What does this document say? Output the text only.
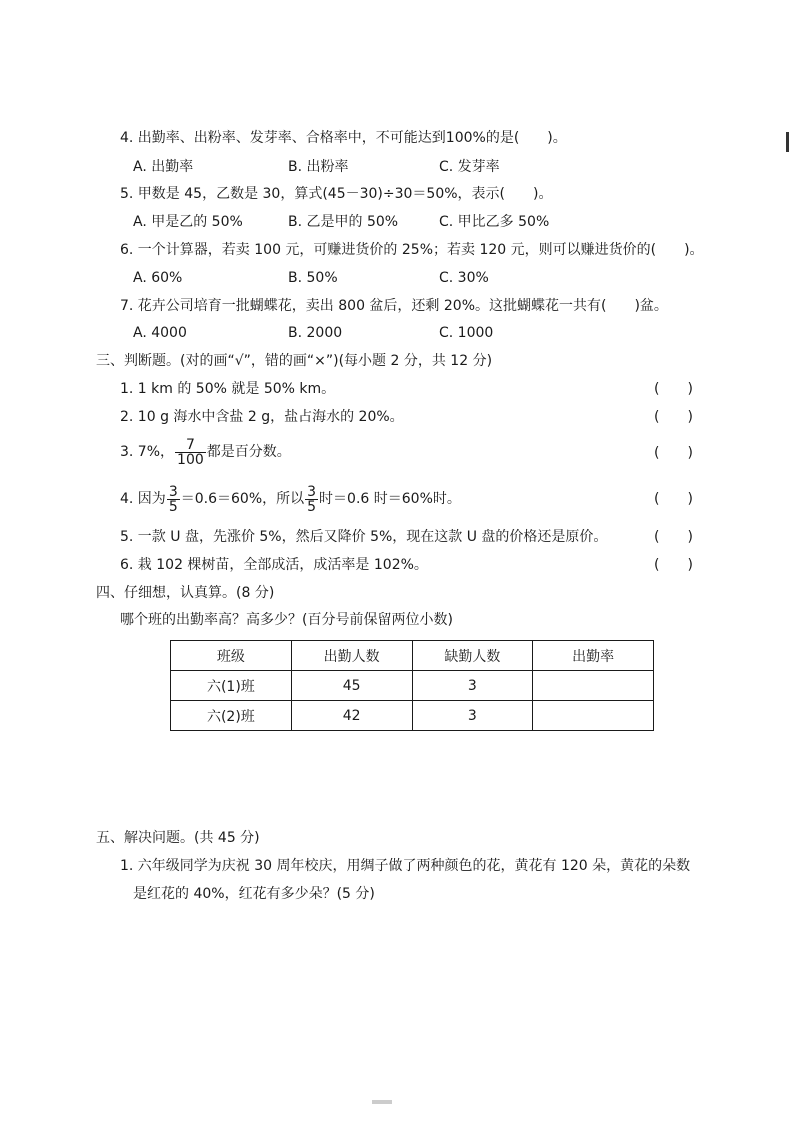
4. 出勤率、出粉率、发芽率、合格率中，不可能达到100%的是(　　)。
A. 出勤率	B. 出粉率	C. 发芽率
5. 甲数是 45，乙数是 30，算式(45－30)÷30＝50%，表示(　　)。
A. 甲是乙的 50%	B. 乙是甲的 50%	C. 甲比乙多 50%
6. 一个计算器，若卖 100 元，可赚进货价的 25%；若卖 120 元，则可以赚进货价的(　　)。
A. 60%	B. 50%	C. 30%
7. 花卉公司培育一批蝴蝶花，卖出 800 盆后，还剩 20%。这批蝴蝶花一共有(　　)盆。
A. 4000	B. 2000	C. 1000
三、判断题。(对的画“√”，错的画“×”)(每小题 2 分，共 12 分)
1. 1 km 的 50% 就是 50% km。	(　　)
2. 10 g 海水中含盐 2 g，盐占海水的 20%。	(　　)
3. 7%， $\frac{7}{100}$ 都是百分数。	(　　)
4. 因为 $\frac{3}{5} =0.6=60\%$，所以 $\frac{3}{5}$ 时＝0.6 时＝60%时。	(　　)
5. 一款 U 盘，先涨价 5%，然后又降价 5%，现在这款 U 盘的价格还是原价。	(　　)
6. 栽 102 棵树苗，全部成活，成活率是 102%。	(　　)
四、仔细想，认真算。(8 分)
哪个班的出勤率高？高多少？(百分号前保留两位小数)
班级	出勤人数	缺勤人数	出勤率
六(1)班	45	3	
六(2)班	42	3	
五、解决问题。(共 45 分)
1. 六年级同学为庆祝 30 周年校庆，用绸子做了两种颜色的花，黄花有 120 朵，黄花的朵数
是红花的 40%，红花有多少朵？(5 分)
